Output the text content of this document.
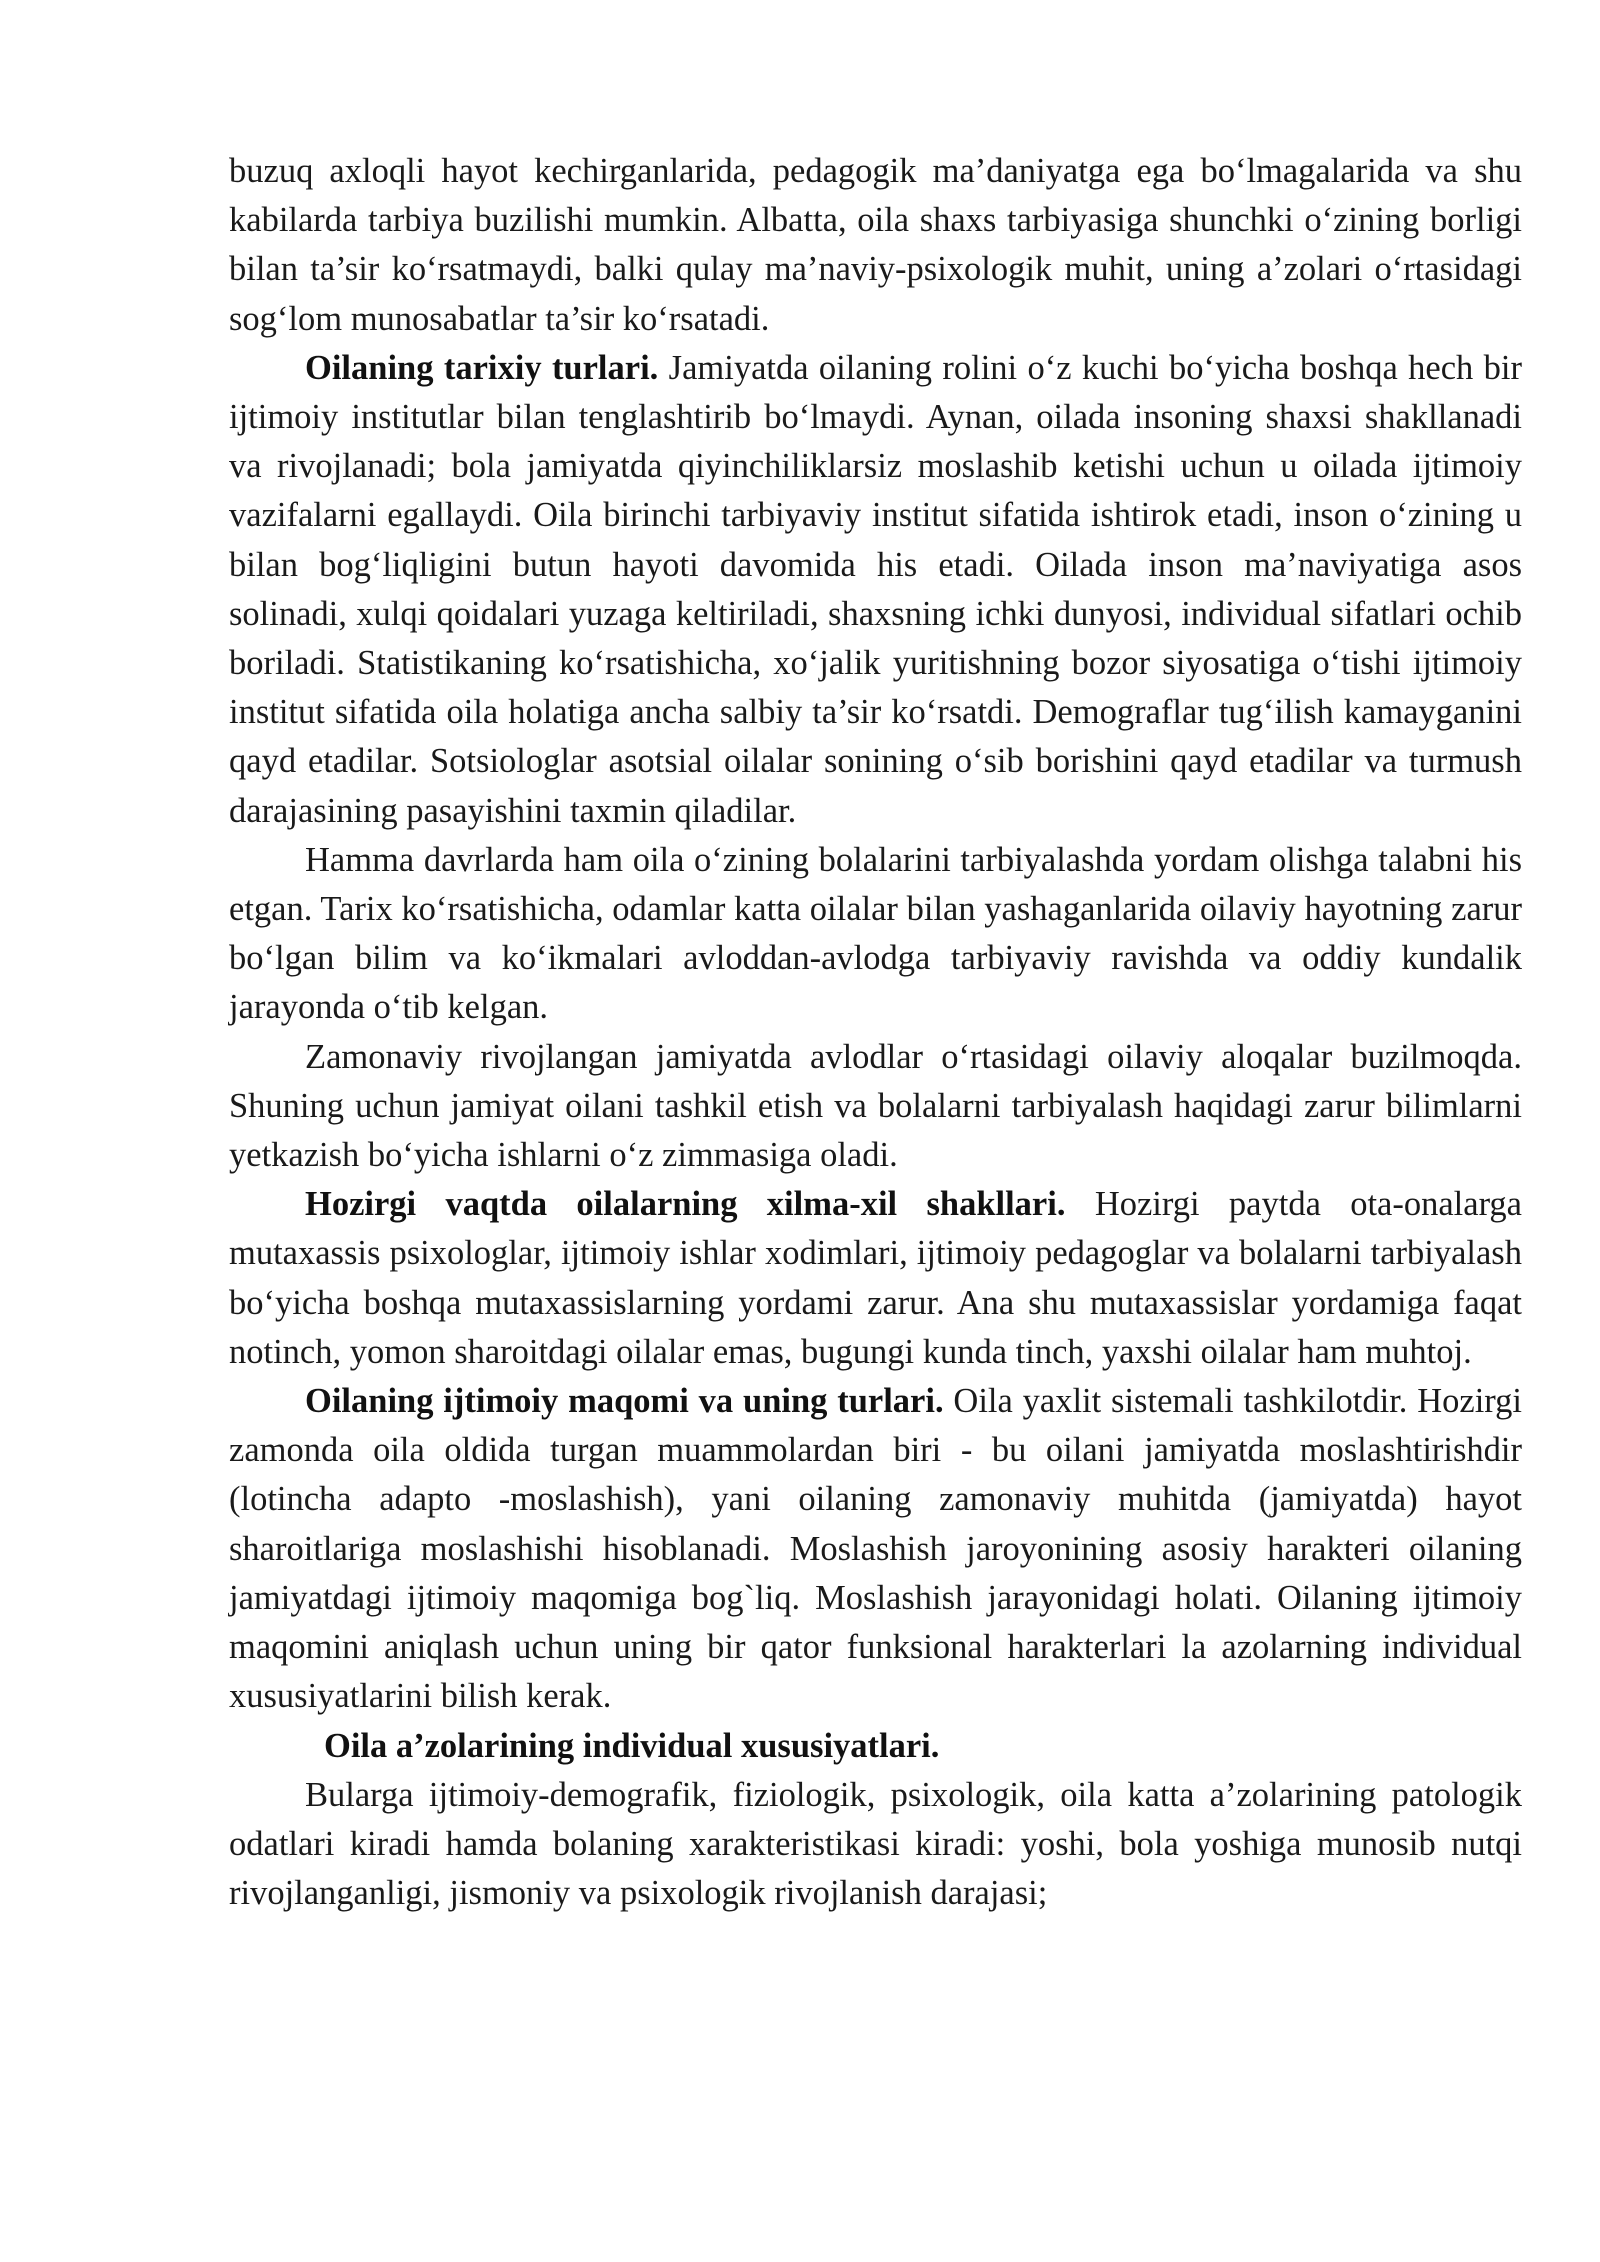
buzuq axloqli hayot kechirganlarida, pedagogik ma’daniyatga ega bo‘lmagalarida va shu kabilarda tarbiya buzilishi mumkin. Albatta, oila shaxs tarbiyasiga shunchki o‘zining borligi bilan ta’sir ko‘rsatmaydi, balki qulay ma’naviy-psixologik muhit, uning a’zolari o‘rtasidagi sog‘lom munosabatlar ta’sir ko‘rsatadi.

Oilaning tarixiy turlari. Jamiyatda oilaning rolini o‘z kuchi bo‘yicha boshqa hech bir ijtimoiy institutlar bilan tenglashtirib bo‘lmaydi. Aynan, oilada insoning shaxsi shakllanadi va rivojlanadi; bola jamiyatda qiyinchiliklarsiz moslashib ketishi uchun u oilada ijtimoiy vazifalarni egallaydi. Oila birinchi tarbiyaviy institut sifatida ishtirok etadi, inson o‘zining u bilan bog‘liqligini butun hayoti davomida his etadi. Oilada inson ma’naviyatiga asos solinadi, xulqi qoidalari yuzaga keltiriladi, shaxsning ichki dunyosi, individual sifatlari ochib boriladi. Statistikaning ko‘rsatishicha, xo‘jalik yuritishning bozor siyosatiga o‘tishi ijtimoiy institut sifatida oila holatiga ancha salbiy ta’sir ko‘rsatdi. Demograflar tug‘ilish kamayganini qayd etadilar. Sotsiologlar asotsial oilalar sonining o‘sib borishini qayd etadilar va turmush darajasining pasayishini taxmin qiladilar.

Hamma davrlarda ham oila o‘zining bolalarini tarbiyalashda yordam olishga talabni his etgan. Tarix ko‘rsatishicha, odamlar katta oilalar bilan yashaganlarida oilaviy hayotning zarur bo‘lgan bilim va ko‘ikmalari avloddan-avlodga tarbiyaviy ravishda va oddiy kundalik jarayonda o‘tib kelgan.

Zamonaviy rivojlangan jamiyatda avlodlar o‘rtasidagi oilaviy aloqalar buzilmoqda. Shuning uchun jamiyat oilani tashkil etish va bolalarni tarbiyalash haqidagi zarur bilimlarni yetkazish bo‘yicha ishlarni o‘z zimmasiga oladi.

Hozirgi vaqtda oilalarning xilma-xil shakllari. Hozirgi paytda ota-onalarga mutaxassis psixologlar, ijtimoiy ishlar xodimlari, ijtimoiy pedagoglar va bolalarni tarbiyalash bo‘yicha boshqa mutaxassislarning yordami zarur. Ana shu mutaxassislar yordamiga faqat notinch, yomon sharoitdagi oilalar emas, bugungi kunda tinch, yaxshi oilalar ham muhtoj.

Oilaning ijtimoiy maqomi va uning turlari. Oila yaxlit sistemali tashkilotdir. Hozirgi zamonda oila oldida turgan muammolardan biri - bu oilani jamiyatda moslashtirishdir (lotincha adapto -moslashish), yani oilaning zamonaviy muhitda (jamiyatda) hayot sharoitlariga moslashishi hisoblanadi. Moslashish jaroyonining asosiy harakteri oilaning jamiyatdagi ijtimoiy maqomiga bog`liq. Moslashish jarayonidagi holati. Oilaning ijtimoiy maqomini aniqlash uchun uning bir qator funksional harakterlari la azolarning individual xususiyatlarini bilish kerak.

Oila a’zolarining individual xususiyatlari.

Bularga ijtimoiy-demografik, fiziologik, psixologik, oila katta a’zolarining patologik odatlari kiradi hamda bolaning xarakteristikasi kiradi: yoshi, bola yoshiga munosib nutqi rivojlanganligi, jismoniy va psixologik rivojlanish darajasi;
